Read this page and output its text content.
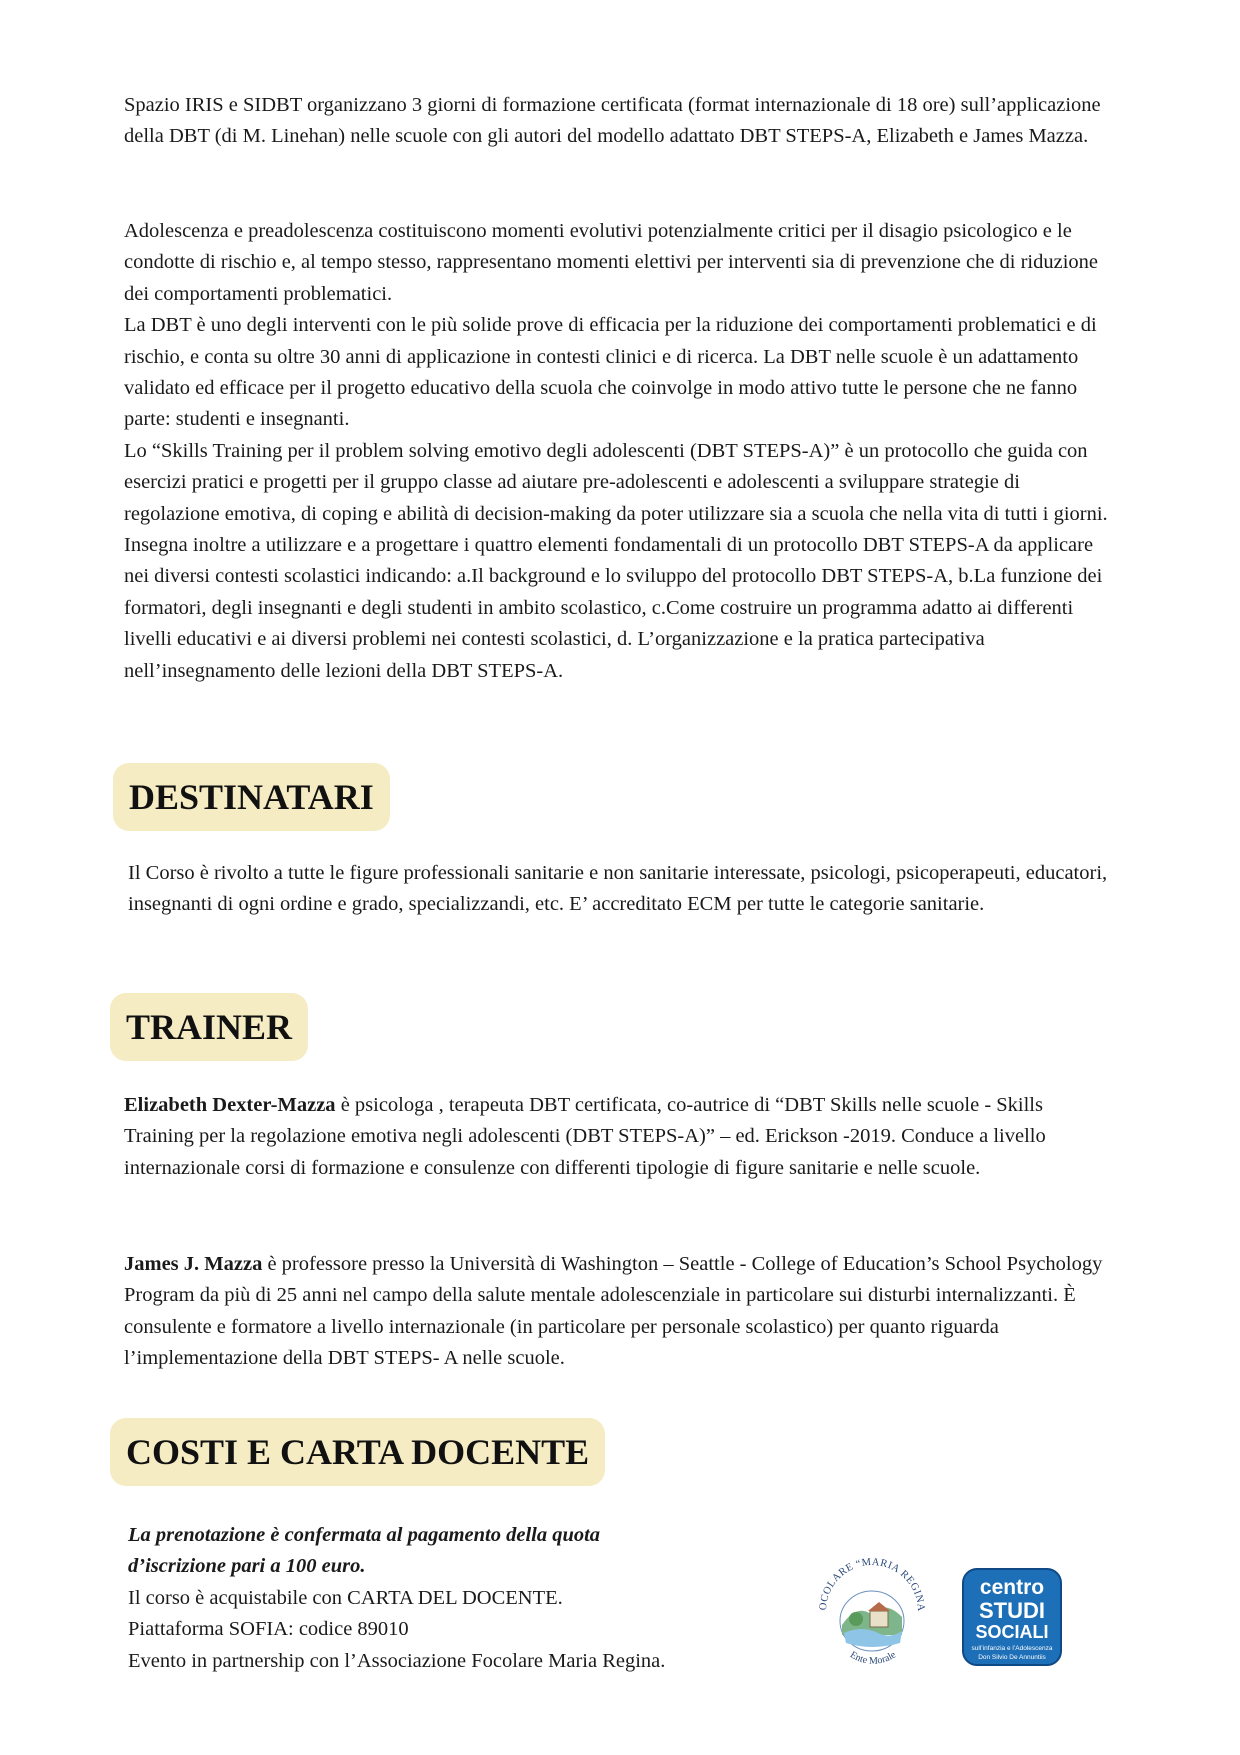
Spazio IRIS e SIDBT organizzano 3 giorni di formazione certificata (format internazionale di 18 ore) sull’applicazione della DBT (di M. Linehan) nelle scuole con gli autori del modello adattato DBT STEPS-A, Elizabeth e James Mazza.

Adolescenza e preadolescenza costituiscono momenti evolutivi potenzialmente critici per il disagio psicologico e le condotte di rischio e, al tempo stesso, rappresentano momenti elettivi per interventi sia di prevenzione che di riduzione dei comportamenti problematici.

La DBT è uno degli interventi con le più solide prove di efficacia per la riduzione dei comportamenti problematici e di rischio, e conta su oltre 30 anni di applicazione in contesti clinici e di ricerca. La DBT nelle scuole è un adattamento validato ed efficace per il progetto educativo della scuola che coinvolge in modo attivo tutte le persone che ne fanno parte: studenti e insegnanti.

Lo “Skills Training per il problem solving emotivo degli adolescenti (DBT STEPS-A)” è un protocollo che guida con esercizi pratici e progetti per il gruppo classe ad aiutare pre-adolescenti e adolescenti a sviluppare strategie di regolazione emotiva, di coping e abilità di decision-making da poter utilizzare sia a scuola che nella vita di tutti i giorni. Insegna inoltre a utilizzare e a progettare i quattro elementi fondamentali di un protocollo DBT STEPS-A da applicare nei diversi contesti scolastici indicando: a.Il background e lo sviluppo del protocollo DBT STEPS-A, b.La funzione dei formatori, degli insegnanti e degli studenti in ambito scolastico, c.Come costruire un programma adatto ai differenti livelli educativi e ai diversi problemi nei contesti scolastici, d. L’organizzazione e la pratica partecipativa nell’insegnamento delle lezioni della DBT STEPS-A.

DESTINATARI

Il Corso è rivolto a tutte le figure professionali sanitarie e non sanitarie interessate, psicologi, psicoperapeuti, educatori, insegnanti di ogni ordine e grado, specializzandi, etc. E’ accreditato ECM per tutte le categorie sanitarie.

TRAINER

Elizabeth Dexter-Mazza è psicologa , terapeuta DBT certificata, co-autrice di “DBT Skills nelle scuole - Skills Training per la regolazione emotiva negli adolescenti (DBT STEPS-A)” – ed. Erickson -2019. Conduce a livello internazionale corsi di formazione e consulenze con differenti tipologie di figure sanitarie e nelle scuole.

James J. Mazza è professore presso la Università di Washington – Seattle - College of Education’s School Psychology Program da più di 25 anni nel campo della salute mentale adolescenziale in particolare sui disturbi internalizzanti. È consulente e formatore a livello internazionale (in particolare per personale scolastico) per quanto riguarda l’implementazione della DBT STEPS- A nelle scuole.

COSTI E CARTA DOCENTE

La prenotazione è confermata al pagamento della quota

d’iscrizione pari a 100 euro.

Il corso è acquistabile con CARTA DEL DOCENTE.

Piattaforma SOFIA: codice 89010

Evento in partnership con l’Associazione Focolare Maria Regina.

OCOLARE “MARIA REGINA
Ente Morale
centro
STUDI
SOCIALI
sull’infanzia e l’Adolescenza
Don Silvio De Annuntiis
